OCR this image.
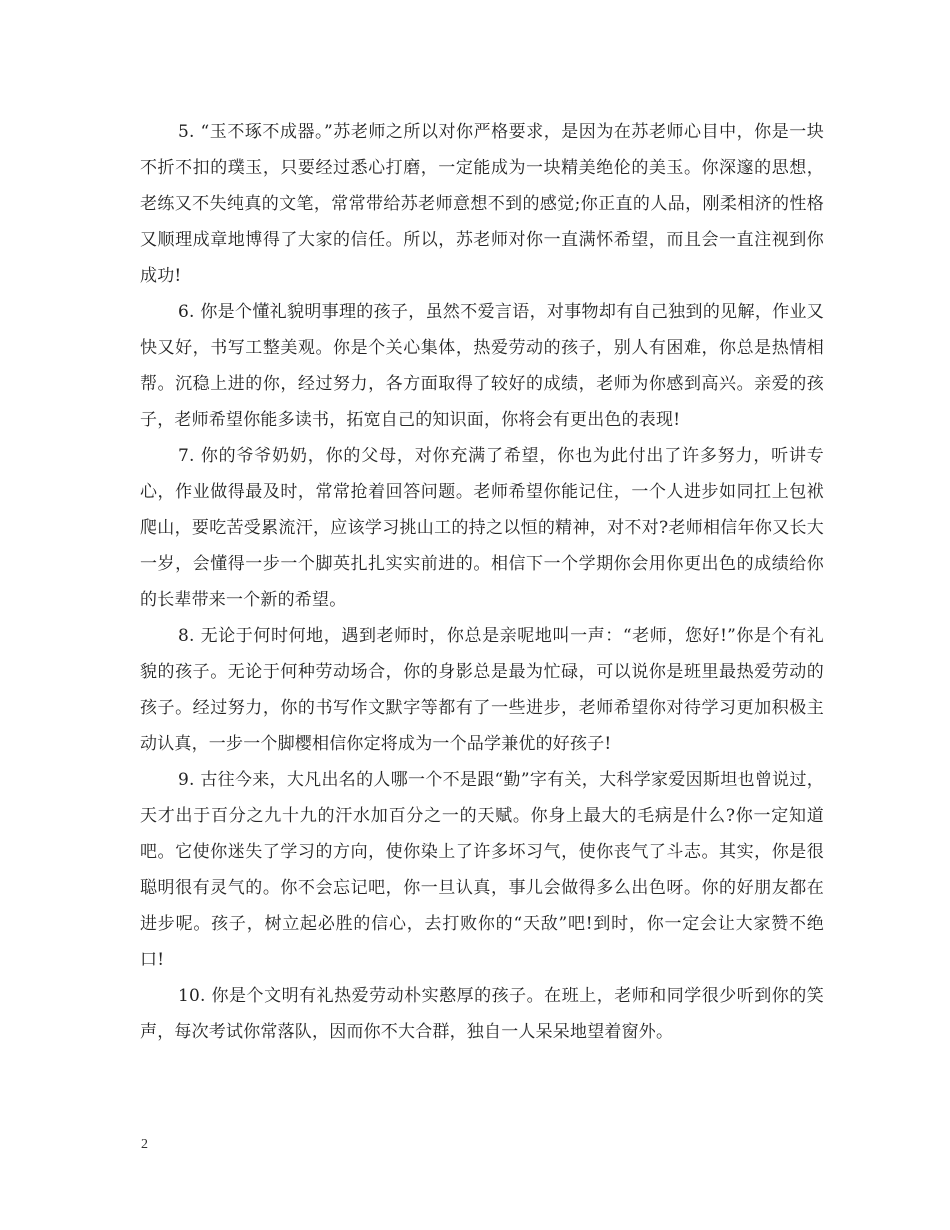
5. “玉不琢不成器。”苏老师之所以对你严格要求，是因为在苏老师心目中，你是一块不折不扣的璞玉，只要经过悉心打磨，一定能成为一块精美绝伦的美玉。你深邃的思想，老练又不失纯真的文笔，常常带给苏老师意想不到的感觉;你正直的人品，刚柔相济的性格又顺理成章地博得了大家的信任。所以，苏老师对你一直满怀希望，而且会一直注视到你成功!

6. 你是个懂礼貌明事理的孩子，虽然不爱言语，对事物却有自己独到的见解，作业又快又好，书写工整美观。你是个关心集体，热爱劳动的孩子，别人有困难，你总是热情相帮。沉稳上进的你，经过努力，各方面取得了较好的成绩，老师为你感到高兴。亲爱的孩子，老师希望你能多读书，拓宽自己的知识面，你将会有更出色的表现!

7. 你的爷爷奶奶，你的父母，对你充满了希望，你也为此付出了许多努力，听讲专心，作业做得最及时，常常抢着回答问题。老师希望你能记住，一个人进步如同扛上包袱爬山，要吃苦受累流汗，应该学习挑山工的持之以恒的精神，对不对?老师相信年你又长大一岁，会懂得一步一个脚英扎扎实实前进的。相信下一个学期你会用你更出色的成绩给你的长辈带来一个新的希望。

8. 无论于何时何地，遇到老师时，你总是亲呢地叫一声：“老师，您好!”你是个有礼貌的孩子。无论于何种劳动场合，你的身影总是最为忙碌，可以说你是班里最热爱劳动的孩子。经过努力，你的书写作文默字等都有了一些进步，老师希望你对待学习更加积极主动认真，一步一个脚樱相信你定将成为一个品学兼优的好孩子!

9. 古往今来，大凡出名的人哪一个不是跟“勤”字有关，大科学家爱因斯坦也曾说过，天才出于百分之九十九的汗水加百分之一的天赋。你身上最大的毛病是什么?你一定知道吧。它使你迷失了学习的方向，使你染上了许多坏习气，使你丧气了斗志。其实，你是很聪明很有灵气的。你不会忘记吧，你一旦认真，事儿会做得多么出色呀。你的好朋友都在进步呢。孩子，树立起必胜的信心，去打败你的“天敌”吧!到时，你一定会让大家赞不绝口!

10. 你是个文明有礼热爱劳动朴实憨厚的孩子。在班上，老师和同学很少听到你的笑声，每次考试你常落队，因而你不大合群，独自一人呆呆地望着窗外。

2
